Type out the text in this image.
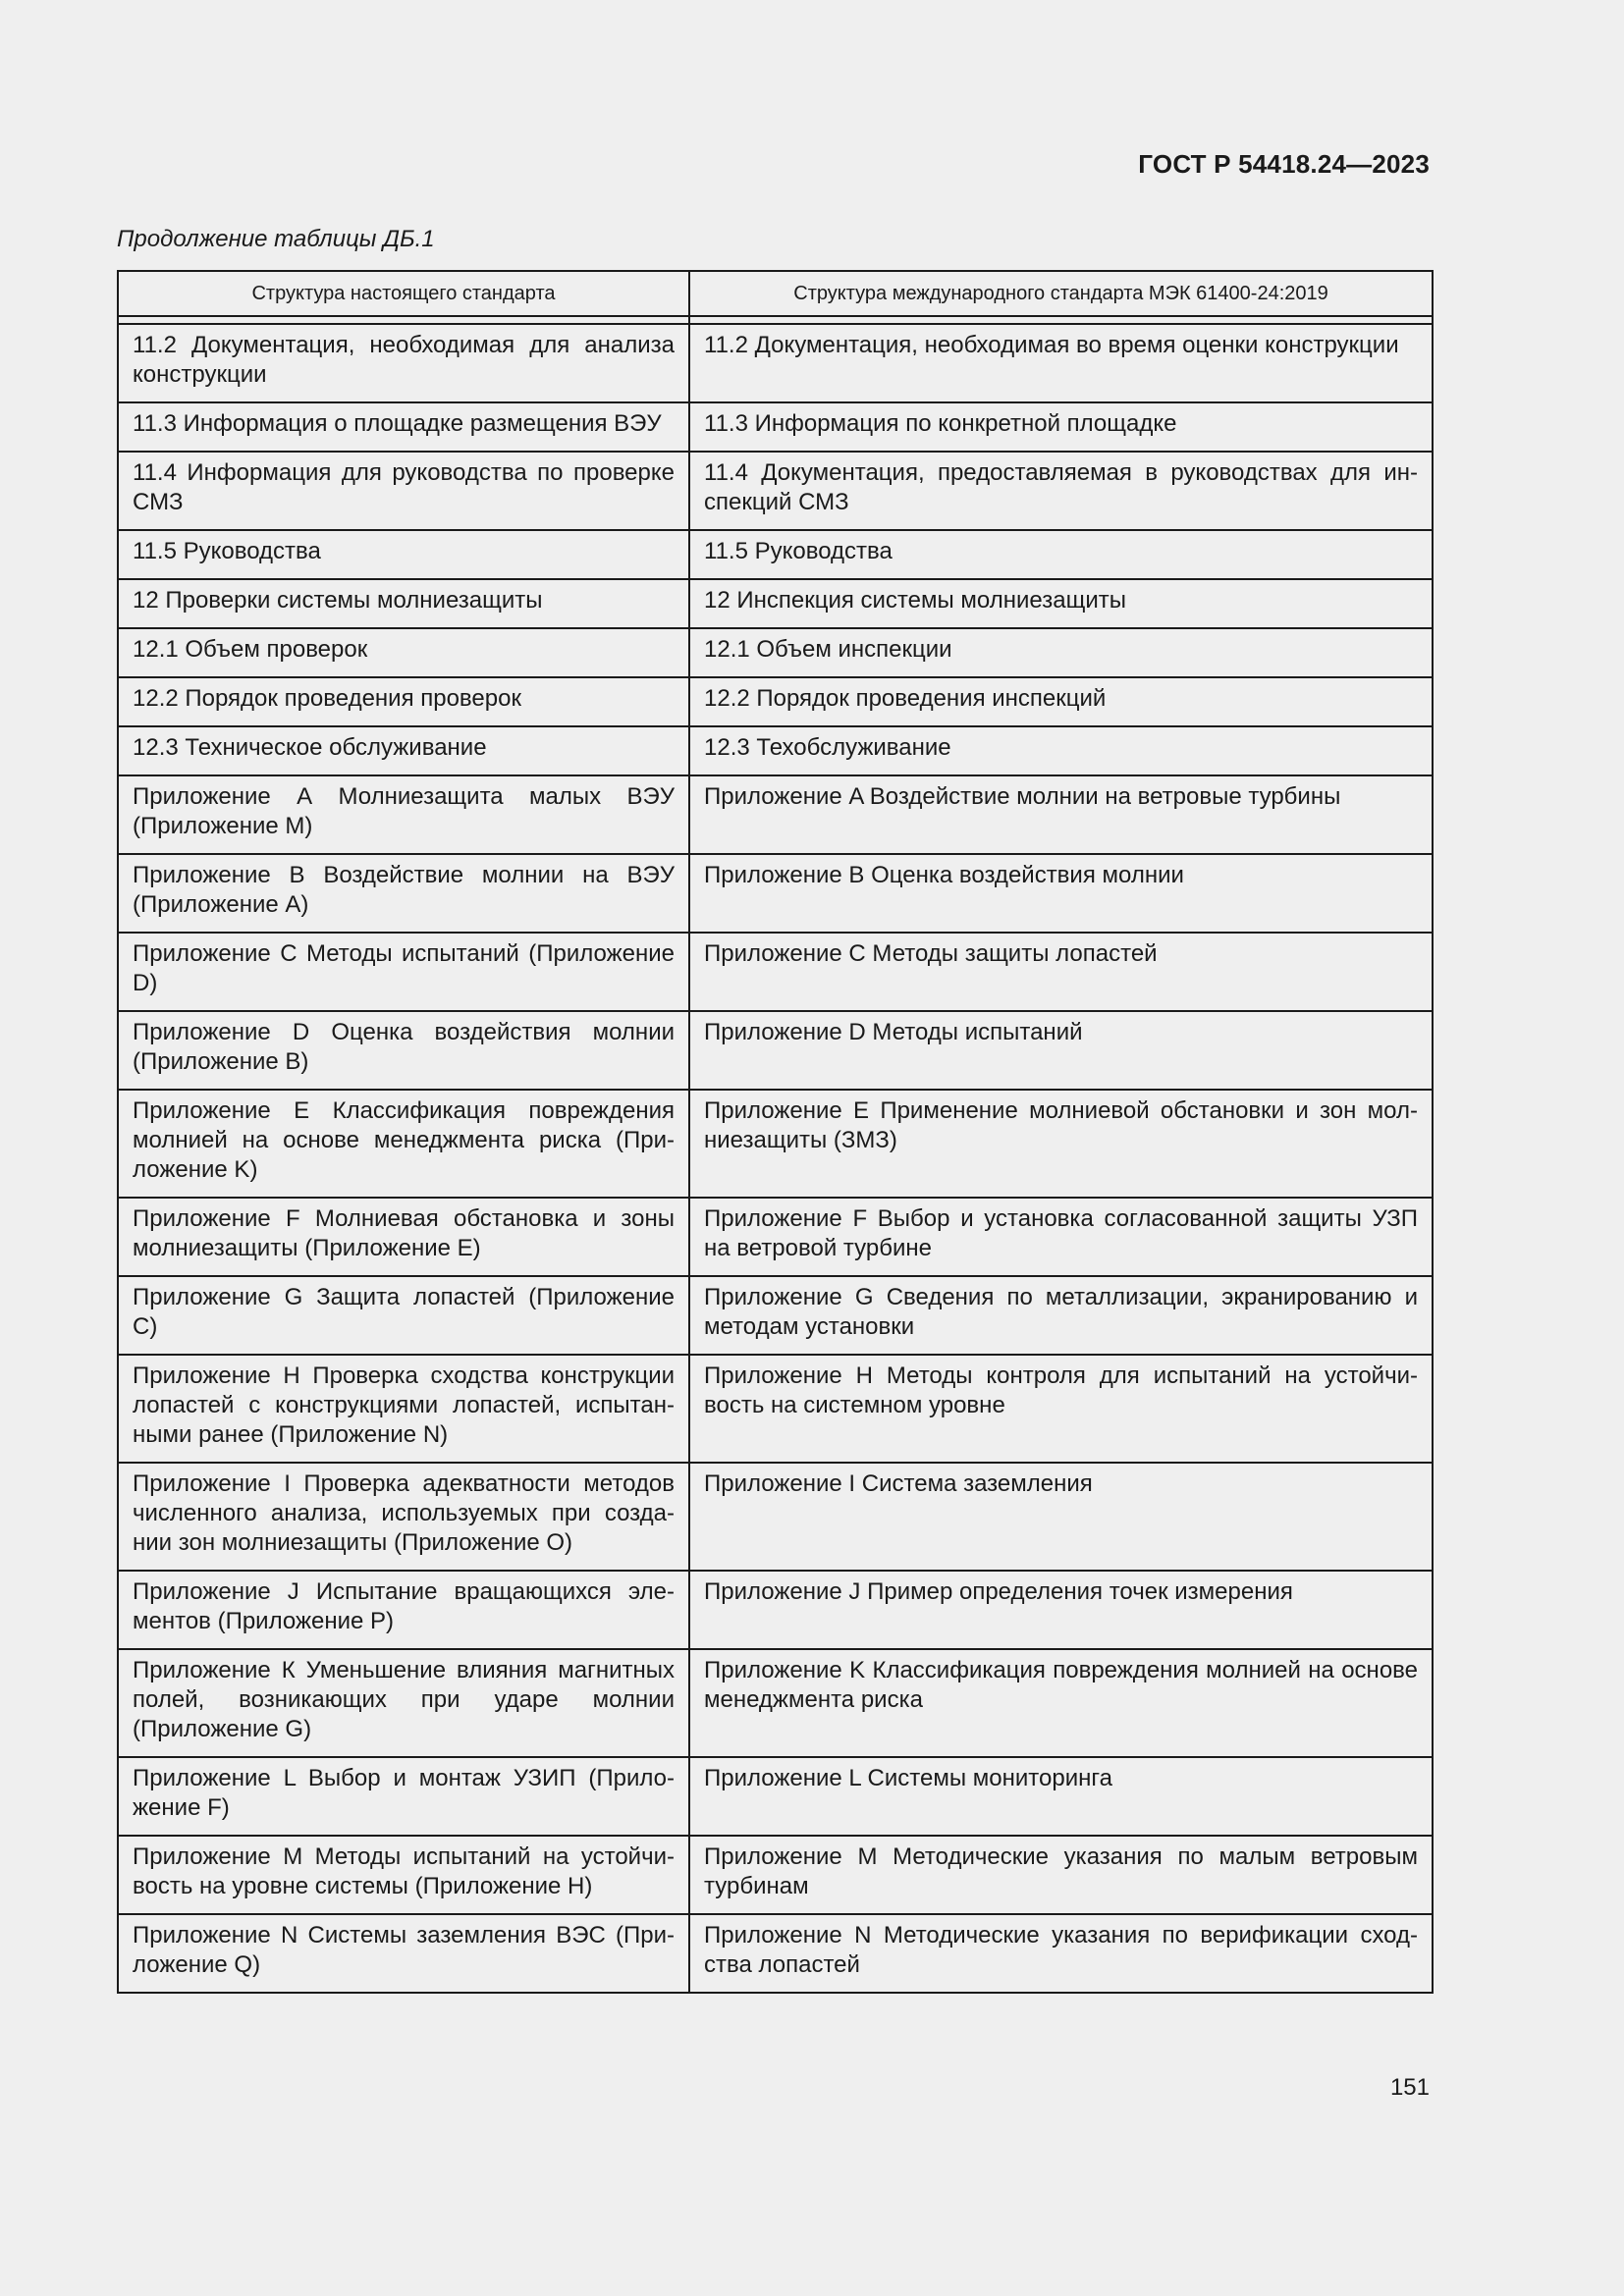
ГОСТ Р 54418.24—2023
Продолжение таблицы ДБ.1
Структура настоящего стандарта	Структура международного стандарта МЭК 61400-24:2019

11.2 Документация, необходимая для анализа конструкции	11.2 Документация, необходимая во время оценки конструкции
11.3 Информация о площадке размещения ВЭУ	11.3 Информация по конкретной площадке
11.4 Информация для руководства по проверке СМЗ	11.4 Документация, предоставляемая в руководствах для инспекций СМЗ
11.5 Руководства	11.5 Руководства
12 Проверки системы молниезащиты	12 Инспекция системы молниезащиты
12.1 Объем проверок	12.1 Объем инспекции
12.2 Порядок проведения проверок	12.2 Порядок проведения инспекций
12.3 Техническое обслуживание	12.3 Техобслуживание
Приложение А Молниезащита малых ВЭУ (Приложение M)	Приложение A Воздействие молнии на ветровые турбины
Приложение В Воздействие молнии на ВЭУ (Приложение А)	Приложение B Оценка воздействия молнии
Приложение С Методы испытаний (Приложение D)	Приложение C Методы защиты лопастей
Приложение D Оценка воздействия молнии (Приложение В)	Приложение D Методы испытаний
Приложение Е Классификация повреждения молнией на основе менеджмента риска (Приложение K)	Приложение E Применение молниевой обстановки и зон молниезащиты (ЗМЗ)
Приложение F Молниевая обстановка и зоны молниезащиты (Приложение E)	Приложение F Выбор и установка согласованной защиты УЗП на ветровой турбине
Приложение G Защита лопастей (Приложение С)	Приложение G Сведения по металлизации, экранированию и методам установки
Приложение H Проверка сходства конструкции лопастей с конструкциями лопастей, испытанными ранее (Приложение N)	Приложение H Методы контроля для испытаний на устойчивость на системном уровне
Приложение I Проверка адекватности методов численного анализа, используемых при создании зон молниезащиты (Приложение O)	Приложение I Система заземления
Приложение J Испытание вращающихся элементов (Приложение P)	Приложение J Пример определения точек измерения
Приложение К Уменьшение влияния магнитных полей, возникающих при ударе молнии (Приложение G)	Приложение K Классификация повреждения молнией на основе менеджмента риска
Приложение L Выбор и монтаж УЗИП (Приложение F)	Приложение L Системы мониторинга
Приложение M Методы испытаний на устойчивость на уровне системы (Приложение H)	Приложение M Методические указания по малым ветровым турбинам
Приложение N Системы заземления ВЭС (Приложение Q)	Приложение N Методические указания по верификации сходства лопастей
151
